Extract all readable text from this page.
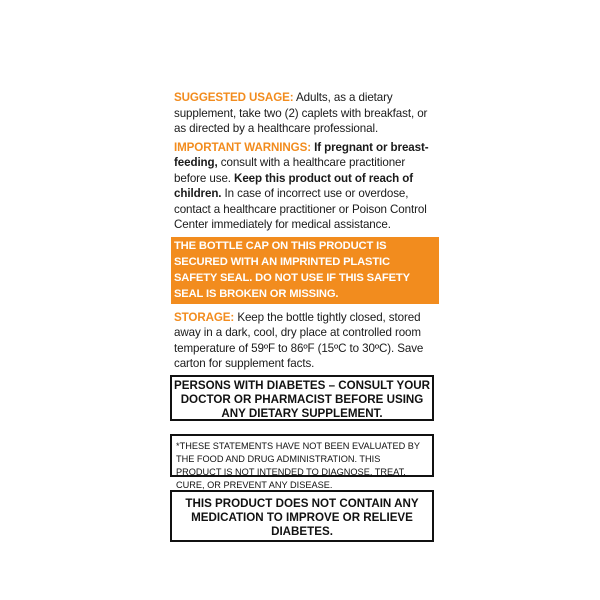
SUGGESTED USAGE: Adults, as a dietary supplement, take two (2) caplets with breakfast, or as directed by a healthcare professional.

IMPORTANT WARNINGS: If pregnant or breast-feeding, consult with a healthcare practitioner before use. Keep this product out of reach of children. In case of incorrect use or overdose, contact a healthcare practitioner or Poison Control Center immediately for medical assistance.

THE BOTTLE CAP ON THIS PRODUCT IS SECURED WITH AN IMPRINTED PLASTIC SAFETY SEAL. DO NOT USE IF THIS SAFETY SEAL IS BROKEN OR MISSING.

STORAGE: Keep the bottle tightly closed, stored away in a dark, cool, dry place at controlled room temperature of 59ºF to 86ºF (15ºC to 30ºC). Save carton for supplement facts.

PERSONS WITH DIABETES – CONSULT YOUR DOCTOR OR PHARMACIST BEFORE USING ANY DIETARY SUPPLEMENT.
*THESE STATEMENTS HAVE NOT BEEN EVALUATED BY THE FOOD AND DRUG ADMINISTRATION. THIS PRODUCT IS NOT INTENDED TO DIAGNOSE, TREAT, CURE, OR PREVENT ANY DISEASE.
THIS PRODUCT DOES NOT CONTAIN ANY MEDICATION TO IMPROVE OR RELIEVE DIABETES.
